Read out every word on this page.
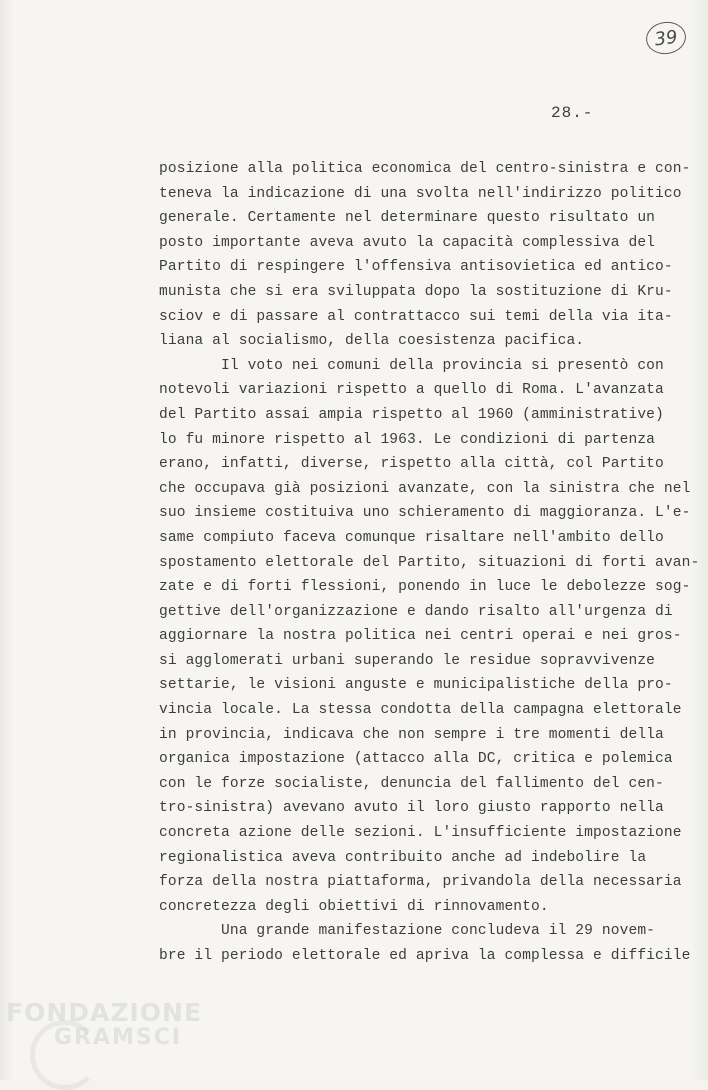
39
28.-
posizione alla politica economica del centro-sinistra e con-
teneva la indicazione di una svolta nell'indirizzo politico
generale. Certamente nel determinare questo risultato un
posto importante aveva avuto la capacità complessiva del
Partito di respingere l'offensiva antisovietica ed antico-
munista che si era sviluppata dopo la sostituzione di Kru-
sciov e di passare al contrattacco sui temi della via ita-
liana al socialismo, della coesistenza pacifica.
Il voto nei comuni della provincia si presentò con
notevoli variazioni rispetto a quello di Roma. L'avanzata
del Partito assai ampia rispetto al 1960 (amministrative)
lo fu minore rispetto al 1963. Le condizioni di partenza
erano, infatti, diverse, rispetto alla città, col Partito
che occupava già posizioni avanzate, con la sinistra che nel
suo insieme costituiva uno schieramento di maggioranza. L'e-
same compiuto faceva comunque risaltare nell'ambito dello
spostamento elettorale del Partito, situazioni di forti avan-
zate e di forti flessioni, ponendo in luce le debolezze sog-
gettive dell'organizzazione e dando risalto all'urgenza di
aggiornare la nostra politica nei centri operai e nei gros-
si agglomerati urbani superando le residue sopravvivenze
settarie, le visioni anguste e municipalistiche della pro-
vincia locale. La stessa condotta della campagna elettorale
in provincia, indicava che non sempre i tre momenti della
organica impostazione (attacco alla DC, critica e polemica
con le forze socialiste, denuncia del fallimento del cen-
tro-sinistra) avevano avuto il loro giusto rapporto nella
concreta azione delle sezioni. L'insufficiente impostazione
regionalistica aveva contribuito anche ad indebolire la
forza della nostra piattaforma, privandola della necessaria
concretezza degli obiettivi di rinnovamento.
Una grande manifestazione concludeva il 29 novem-
bre il periodo elettorale ed apriva la complessa e difficile
FONDAZIONE
GRAMSCI
